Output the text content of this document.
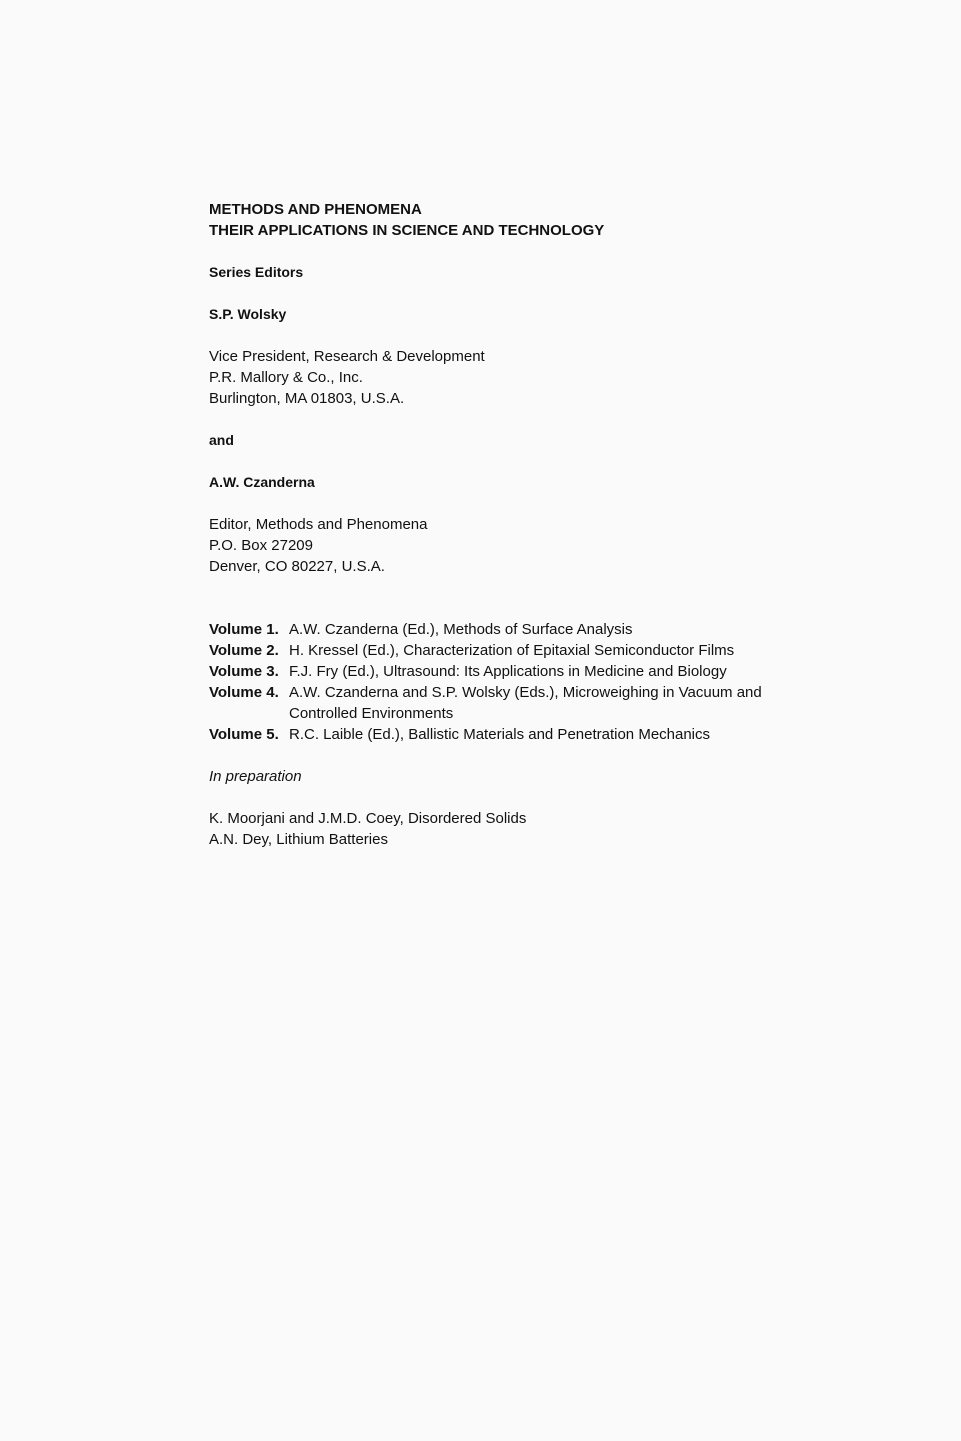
METHODS AND PHENOMENA
THEIR APPLICATIONS IN SCIENCE AND TECHNOLOGY
Series Editors
S.P. Wolsky
Vice President, Research & Development
P.R. Mallory & Co., Inc.
Burlington, MA 01803, U.S.A.
and
A.W. Czanderna
Editor, Methods and Phenomena
P.O. Box 27209
Denver, CO 80227, U.S.A.
Volume 1. A.W. Czanderna (Ed.), Methods of Surface Analysis
Volume 2. H. Kressel (Ed.), Characterization of Epitaxial Semiconductor Films
Volume 3. F.J. Fry (Ed.), Ultrasound: Its Applications in Medicine and Biology
Volume 4. A.W. Czanderna and S.P. Wolsky (Eds.), Microweighing in Vacuum and
Controlled Environments
Volume 5. R.C. Laible (Ed.), Ballistic Materials and Penetration Mechanics
In preparation
K. Moorjani and J.M.D. Coey, Disordered Solids
A.N. Dey, Lithium Batteries
